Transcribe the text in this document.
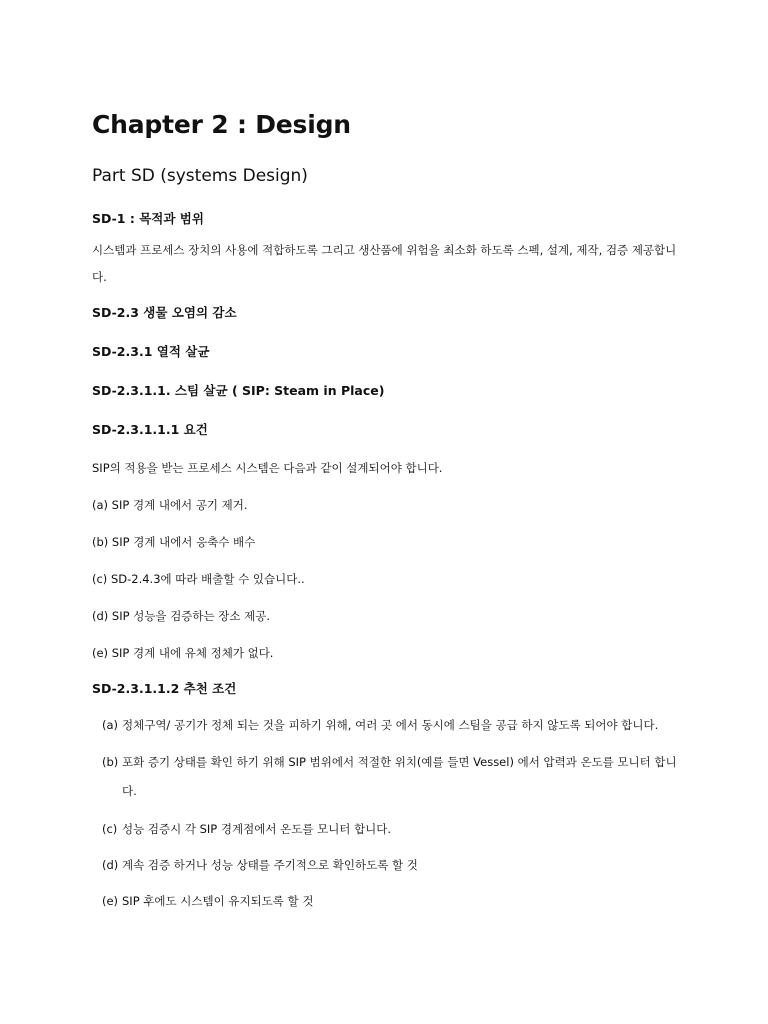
Chapter 2 : Design
Part SD (systems Design)
SD-1 : 목적과 범위

시스템과 프로세스 장치의 사용에 적합하도록 그리고 생산품에 위험을 최소화 하도록 스펙, 설계, 제작, 검증 제공합니다.

SD-2.3 생물 오염의 감소
SD-2.3.1 열적 살균
SD-2.3.1.1. 스팀 살균 ( SIP: Steam in Place)
SD-2.3.1.1.1 요건

SIP의 적용을 받는 프로세스 시스템은 다음과 같이 설계되어야 합니다.

(a) SIP 경계 내에서 공기 제거.

(b) SIP 경계 내에서 응축수 배수

(c) SD-2.4.3에 따라 배출할 수 있습니다..

(d) SIP 성능을 검증하는 장소 제공.

(e) SIP 경계 내에 유체 정체가 없다.

SD-2.3.1.1.2 추천 조건
(a) 정체구역/ 공기가 정체 되는 것을 피하기 위해, 여러 곳 에서 동시에 스팀을 공급 하지 않도록 되어야 합니다.
(b) 포화 증기 상태를 확인 하기 위해 SIP 범위에서 적절한 위치(예를 들면 Vessel) 에서 압력과 온도를 모니터 합니다.
(c) 성능 검증시 각 SIP 경계점에서 온도를 모니터 합니다.
(d) 계속 검증 하거나 성능 상태를 주기적으로 확인하도록 할 것
(e) SIP 후에도 시스템이 유지되도록 할 것
